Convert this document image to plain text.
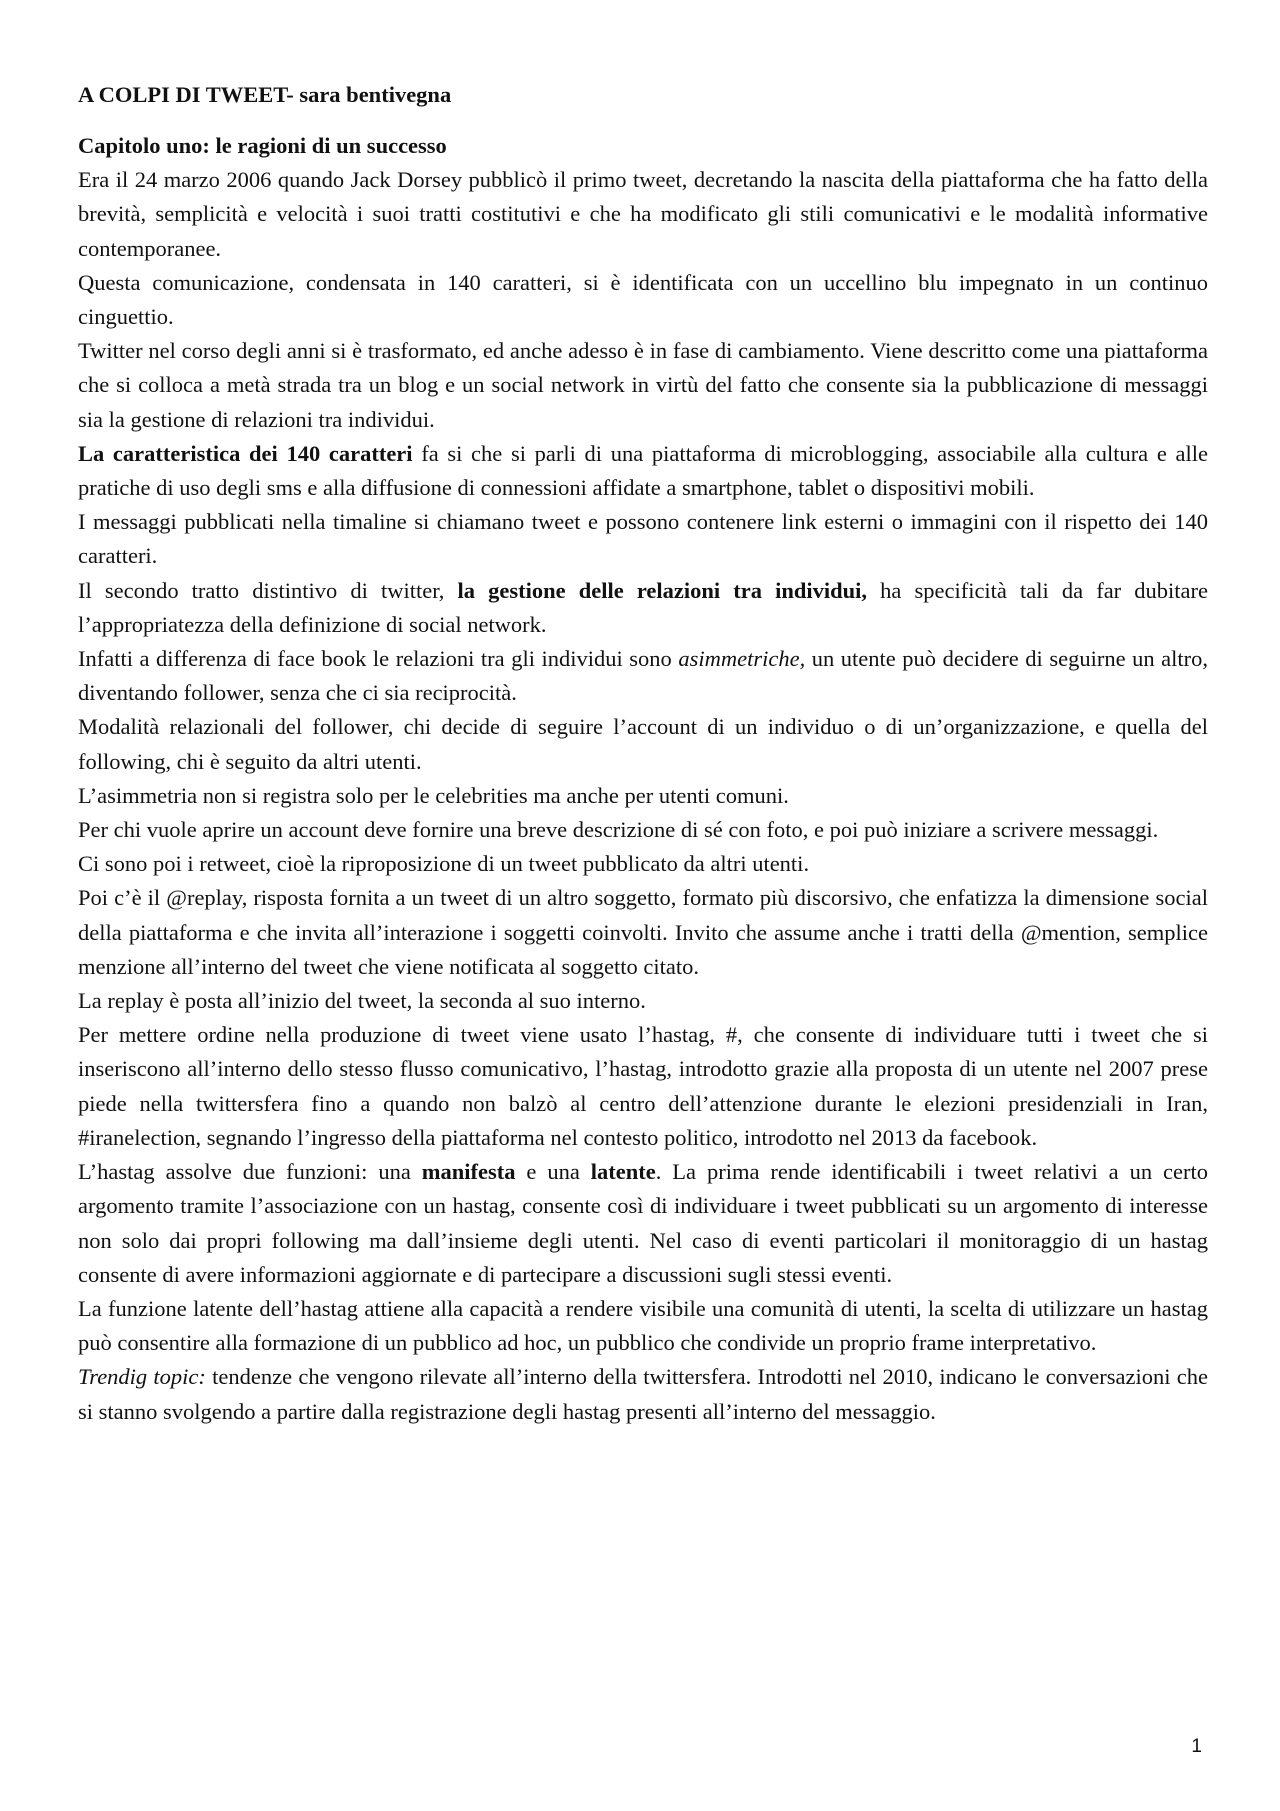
A COLPI DI TWEET- sara bentivegna
Capitolo uno: le ragioni di un successo

Era il 24 marzo 2006 quando Jack Dorsey pubblicò il primo tweet, decretando la nascita della piattaforma che ha fatto della brevità, semplicità e velocità i suoi tratti costitutivi e che ha modificato gli stili comunicativi e le modalità informative contemporanee.

Questa comunicazione, condensata in 140 caratteri, si è identificata con un uccellino blu impegnato in un continuo cinguettio.

Twitter nel corso degli anni si è trasformato, ed anche adesso è in fase di cambiamento. Viene descritto come una piattaforma che si colloca a metà strada tra un blog e un social network in virtù del fatto che consente sia la pubblicazione di messaggi sia la gestione di relazioni tra individui.

La caratteristica dei 140 caratteri fa si che si parli di una piattaforma di microblogging, associabile alla cultura e alle pratiche di uso degli sms e alla diffusione di connessioni affidate a smartphone, tablet o dispositivi mobili.

I messaggi pubblicati nella timaline si chiamano tweet e possono contenere link esterni o immagini con il rispetto dei 140 caratteri.

Il secondo tratto distintivo di twitter, la gestione delle relazioni tra individui, ha specificità tali da far dubitare l’appropriatezza della definizione di social network.

Infatti a differenza di face book le relazioni tra gli individui sono asimmetriche, un utente può decidere di seguirne un altro, diventando follower, senza che ci sia reciprocità.

Modalità relazionali del follower, chi decide di seguire l’account di un individuo o di un’organizzazione, e quella del following, chi è seguito da altri utenti.

L’asimmetria non si registra solo per le celebrities ma anche per utenti comuni.

Per chi vuole aprire un account deve fornire una breve descrizione di sé con foto, e poi può iniziare a scrivere messaggi.

Ci sono poi i retweet, cioè la riproposizione di un tweet pubblicato da altri utenti.

Poi c’è il @replay, risposta fornita a un tweet di un altro soggetto, formato più discorsivo, che enfatizza la dimensione social della piattaforma e che invita all’interazione i soggetti coinvolti. Invito che assume anche i tratti della @mention, semplice menzione all’interno del tweet che viene notificata al soggetto citato.

La replay è posta all’inizio del tweet, la seconda al suo interno.

Per mettere ordine nella produzione di tweet viene usato l’hastag, #, che consente di individuare tutti i tweet che si inseriscono all’interno dello stesso flusso comunicativo, l’hastag, introdotto grazie alla proposta di un utente nel 2007 prese piede nella twittersfera fino a quando non balzò al centro dell’attenzione durante le elezioni presidenziali in Iran, #iranelection, segnando l’ingresso della piattaforma nel contesto politico, introdotto nel 2013 da facebook.

L’hastag assolve due funzioni: una manifesta e una latente. La prima rende identificabili i tweet relativi a un certo argomento tramite l’associazione con un hastag, consente così di individuare i tweet pubblicati su un argomento di interesse non solo dai propri following ma dall’insieme degli utenti. Nel caso di eventi particolari il monitoraggio di un hastag consente di avere informazioni aggiornate e di partecipare a discussioni sugli stessi eventi.

La funzione latente dell’hastag attiene alla capacità a rendere visibile una comunità di utenti, la scelta di utilizzare un hastag può consentire alla formazione di un pubblico ad hoc, un pubblico che condivide un proprio frame interpretativo.

Trendig topic: tendenze che vengono rilevate all’interno della twittersfera. Introdotti nel 2010, indicano le conversazioni che si stanno svolgendo a partire dalla registrazione degli hastag presenti all’interno del messaggio.

1
